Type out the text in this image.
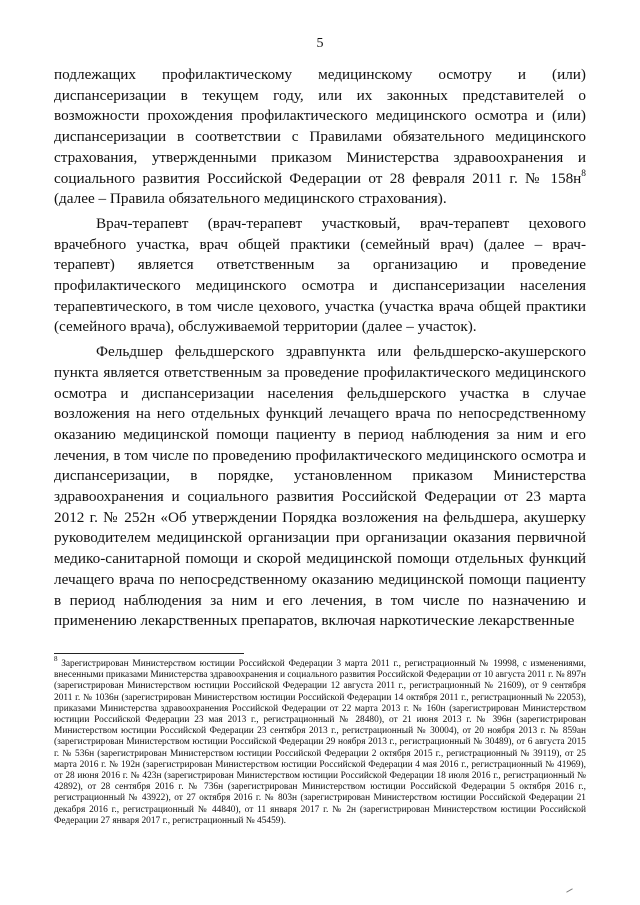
5

подлежащих профилактическому медицинскому осмотру и (или) диспансеризации в текущем году, или их законных представителей о возможности прохождения профилактического медицинского осмотра и (или) диспансеризации в соответствии с Правилами обязательного медицинского страхования, утвержденными приказом Министерства здравоохранения и социального развития Российской Федерации от 28 февраля 2011 г. № $158н^8$ (далее – Правила обязательного медицинского страхования).

Врач-терапевт (врач-терапевт участковый, врач-терапевт цехового врачебного участка, врач общей практики (семейный врач) (далее – врач-терапевт) является ответственным за организацию и проведение профилактического медицинского осмотра и диспансеризации населения терапевтического, в том числе цехового, участка (участка врача общей практики (семейного врача), обслуживаемой территории (далее – участок).

Фельдшер фельдшерского здравпункта или фельдшерско-акушерского пункта является ответственным за проведение профилактического медицинского осмотра и диспансеризации населения фельдшерского участка в случае возложения на него отдельных функций лечащего врача по непосредственному оказанию медицинской помощи пациенту в период наблюдения за ним и его лечения, в том числе по проведению профилактического медицинского осмотра и диспансеризации, в порядке, установленном приказом Министерства здравоохранения и социального развития Российской Федерации от 23 марта 2012 г. № 252н «Об утверждении Порядка возложения на фельдшера, акушерку руководителем медицинской организации при организации оказания первичной медико-санитарной помощи и скорой медицинской помощи отдельных функций лечащего врача по непосредственному оказанию медицинской помощи пациенту в период наблюдения за ним и его лечения, в том числе по назначению и применению лекарственных препаратов, включая наркотические лекарственные

$^8$ Зарегистрирован Министерством юстиции Российской Федерации 3 марта 2011 г., регистрационный № 19998, с изменениями, внесенными приказами Министерства здравоохранения и социального развития Российской Федерации от 10 августа 2011 г. № 897н (зарегистрирован Министерством юстиции Российской Федерации 12 августа 2011 г., регистрационный № 21609), от 9 сентября 2011 г. № 1036н (зарегистрирован Министерством юстиции Российской Федерации 14 октября 2011 г., регистрационный № 22053), приказами Министерства здравоохранения Российской Федерации от 22 марта 2013 г. № 160н (зарегистрирован Министерством юстиции Российской Федерации 23 мая 2013 г., регистрационный № 28480), от 21 июня 2013 г. № 396н (зарегистрирован Министерством юстиции Российской Федерации 23 сентября 2013 г., регистрационный № 30004), от 20 ноября 2013 г. № 859ан (зарегистрирован Министерством юстиции Российской Федерации 29 ноября 2013 г., регистрационный № 30489), от 6 августа 2015 г. № 536н (зарегистрирован Министерством юстиции Российской Федерации 2 октября 2015 г., регистрационный № 39119), от 25 марта 2016 г. № 192н (зарегистрирован Министерством юстиции Российской Федерации 4 мая 2016 г., регистрационный № 41969), от 28 июня 2016 г. № 423н (зарегистрирован Министерством юстиции Российской Федерации 18 июля 2016 г., регистрационный № 42892), от 28 сентября 2016 г. № 736н (зарегистрирован Министерством юстиции Российской Федерации 5 октября 2016 г., регистрационный № 43922), от 27 октября 2016 г. № 803н (зарегистрирован Министерством юстиции Российской Федерации 21 декабря 2016 г., регистрационный № 44840), от 11 января 2017 г. № 2н (зарегистрирован Министерством юстиции Российской Федерации 27 января 2017 г., регистрационный № 45459).
